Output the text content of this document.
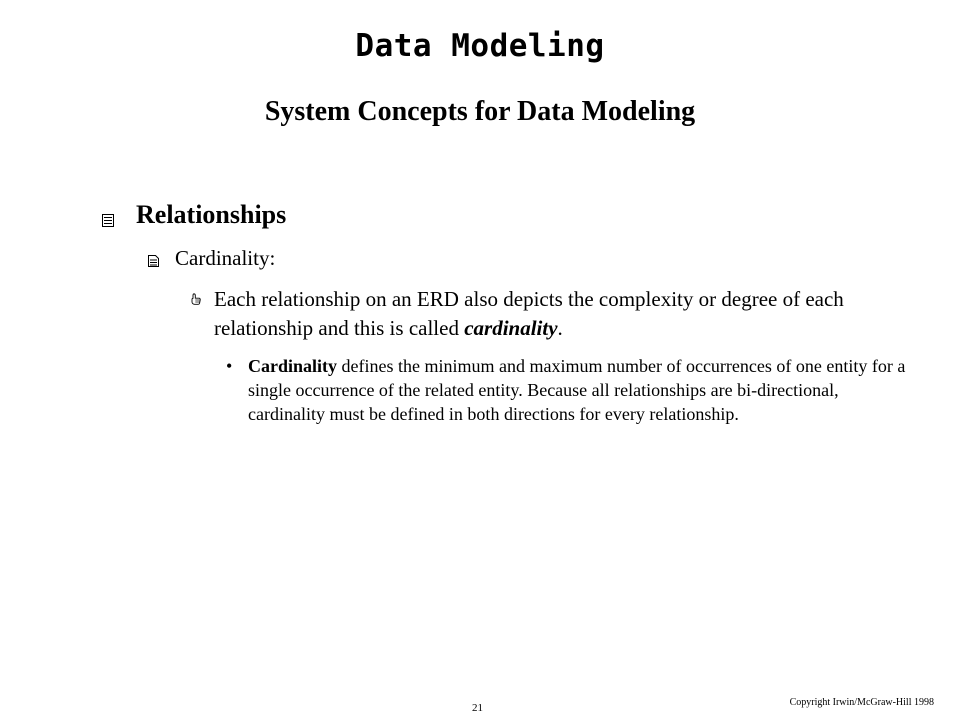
Data Modeling
System Concepts for Data Modeling
Relationships
Cardinality:
Each relationship on an ERD also depicts the complexity or degree of each relationship and this is called cardinality.
• Cardinality defines the minimum and maximum number of occurrences of one entity for a single occurrence of the related entity. Because all relationships are bi-directional, cardinality must be defined in both directions for every relationship.
21	Copyright Irwin/McGraw-Hill 1998
